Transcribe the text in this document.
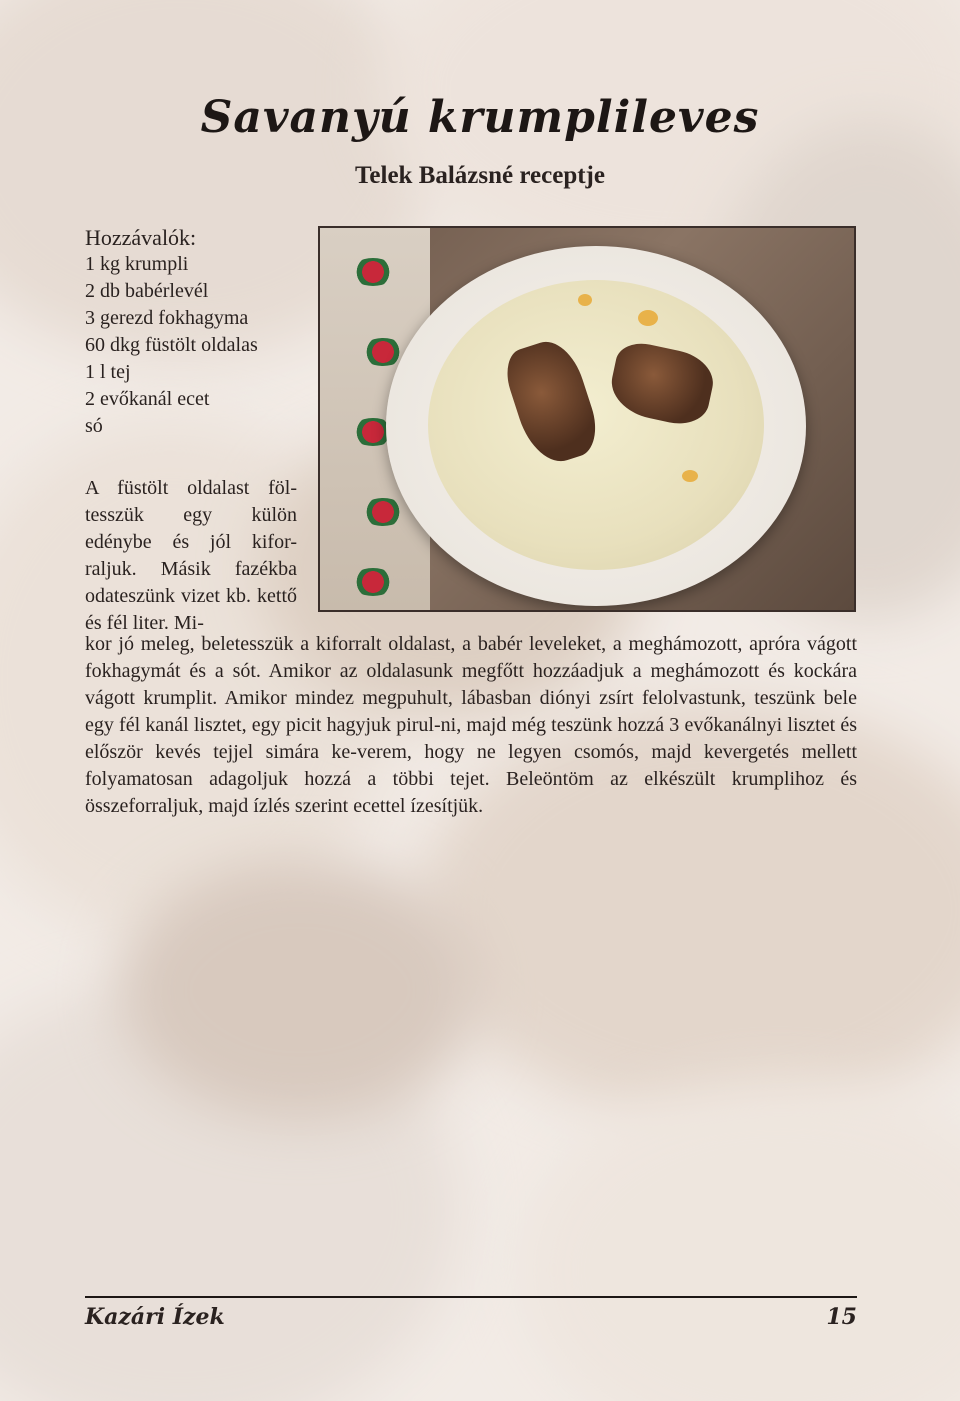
Savanyú krumplileves
Telek Balázsné receptje

Hozzávalók:

1 kg krumpli
2 db babérlevél
3 gerezd fokhagyma
60 dkg füstölt oldalas
1 l tej
2 evőkanál ecet
só

A füstölt oldalast föl-tesszük egy külön edénybe és jól kifor-raljuk. Másik fazékba odateszünk vizet kb. kettő és fél liter. Mi-

kor jó meleg, beletesszük a kiforralt oldalast, a babér leveleket, a meghámozott, apróra vágott fokhagymát és a sót. Amikor az oldalasunk megfőtt hozzáadjuk a meghámozott és kockára vágott krumplit. Amikor mindez megpuhult, lábasban diónyi zsírt felolvastunk, teszünk bele egy fél kanál lisztet, egy picit hagyjuk pirul-ni, majd még teszünk hozzá 3 evőkanálnyi lisztet és először kevés tejjel simára ke-verem, hogy ne legyen csomós, majd kevergetés mellett folyamatosan adagoljuk hozzá a többi tejet. Beleöntöm az elkészült krumplihoz és összeforraljuk, majd ízlés szerint ecettel ízesítjük.

Kazári Ízek	15
